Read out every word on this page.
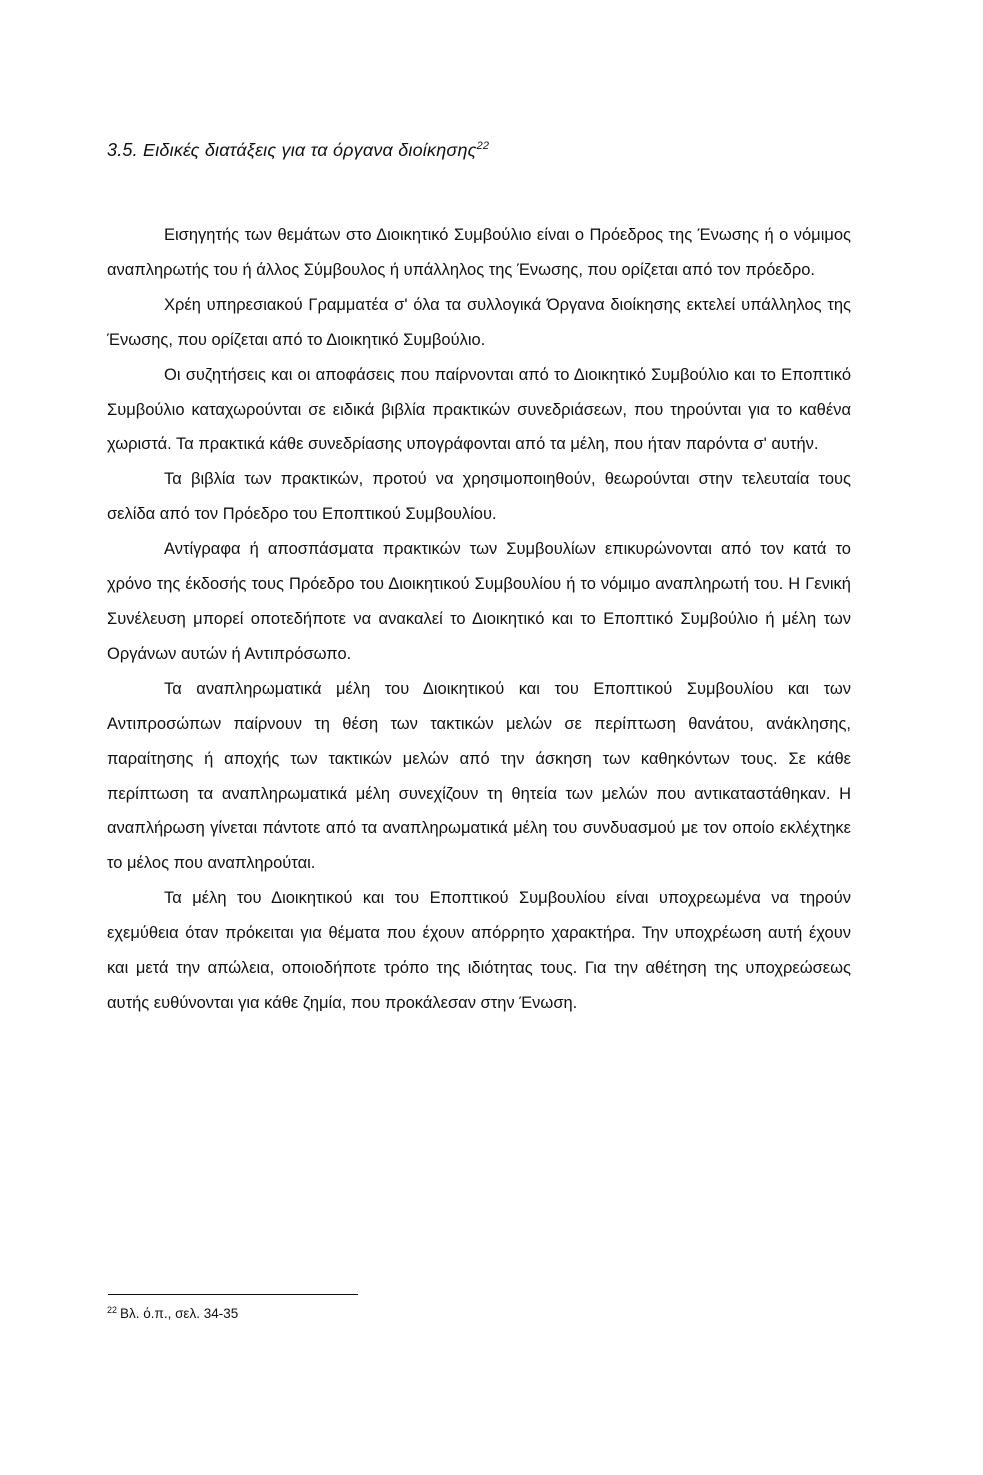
3.5. Ειδικές διατάξεις για τα όργανα διοίκησης$^{22}$

Εισηγητής των θεμάτων στο Διοικητικό Συμβούλιο είναι ο Πρόεδρος της Ένωσης ή ο νόμιμος αναπληρωτής του ή άλλος Σύμβουλος ή υπάλληλος της Ένωσης, που ορίζεται από τον πρόεδρο.

Χρέη υπηρεσιακού Γραμματέα σ' όλα τα συλλογικά Όργανα διοίκησης εκτελεί υπάλληλος της Ένωσης, που ορίζεται από το Διοικητικό Συμβούλιο.

Οι συζητήσεις και οι αποφάσεις που παίρνονται από το Διοικητικό Συμβούλιο και το Εποπτικό Συμβούλιο καταχωρούνται σε ειδικά βιβλία πρακτικών συνεδριάσεων, που τηρούνται για το καθένα χωριστά. Τα πρακτικά κάθε συνεδρίασης υπογράφονται από τα μέλη, που ήταν παρόντα σ' αυτήν.

Τα βιβλία των πρακτικών, προτού να χρησιμοποιηθούν, θεωρούνται στην τελευταία τους σελίδα από τον Πρόεδρο του Εποπτικού Συμβουλίου.

Αντίγραφα ή αποσπάσματα πρακτικών των Συμβουλίων επικυρώνονται από τον κατά το χρόνο της έκδοσής τους Πρόεδρο του Διοικητικού Συμβουλίου ή το νόμιμο αναπληρωτή του. Η Γενική Συνέλευση μπορεί οποτεδήποτε να ανακαλεί το Διοικητικό και το Εποπτικό Συμβούλιο ή μέλη των Οργάνων αυτών ή Αντιπρόσωπο.

Τα αναπληρωματικά μέλη του Διοικητικού και του Εποπτικού Συμβουλίου και των Αντιπροσώπων παίρνουν τη θέση των τακτικών μελών σε περίπτωση θανάτου, ανάκλησης, παραίτησης ή αποχής των τακτικών μελών από την άσκηση των καθηκόντων τους. Σε κάθε περίπτωση τα αναπληρωματικά μέλη συνεχίζουν τη θητεία των μελών που αντικαταστάθηκαν. Η αναπλήρωση γίνεται πάντοτε από τα αναπληρωματικά μέλη του συνδυασμού με τον οποίο εκλέχτηκε το μέλος που αναπληρούται.

Τα μέλη του Διοικητικού και του Εποπτικού Συμβουλίου είναι υποχρεωμένα να τηρούν εχεμύθεια όταν πρόκειται για θέματα που έχουν απόρρητο χαρακτήρα. Την υποχρέωση αυτή έχουν και μετά την απώλεια, οποιοδήποτε τρόπο της ιδιότητας τους. Για την αθέτηση της υποχρεώσεως αυτής ευθύνονται για κάθε ζημία, που προκάλεσαν στην Ένωση.

$^{22}$ Βλ. ό.π., σελ. 34-35
